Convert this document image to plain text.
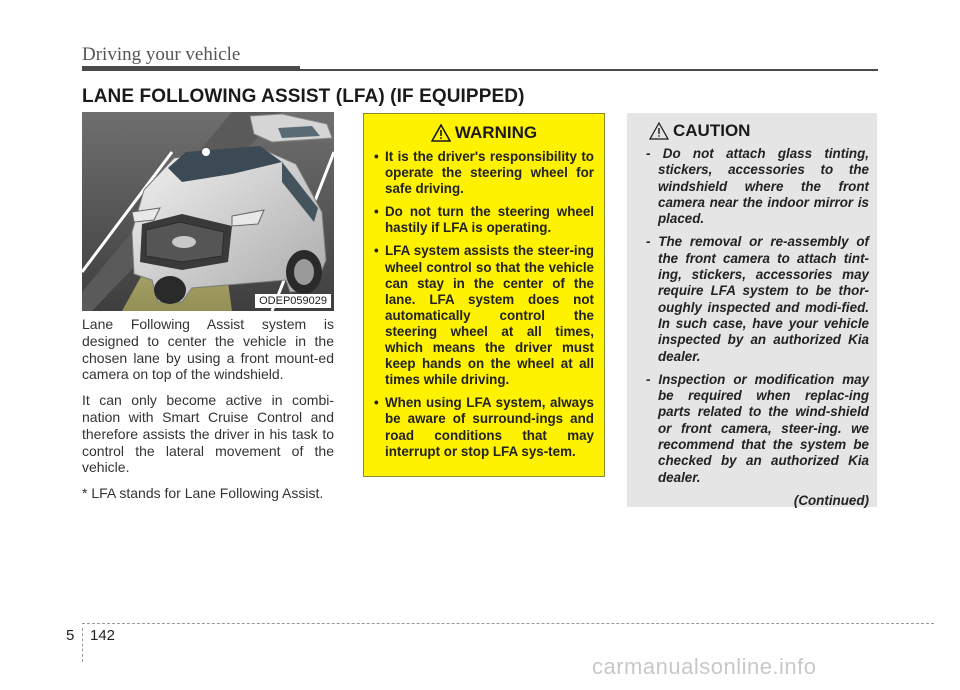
Driving your vehicle
LANE FOLLOWING ASSIST (LFA) (IF EQUIPPED)
ODEP059029

Lane Following Assist system is designed to center the vehicle in the chosen lane by using a front mount-ed camera on top of the windshield.

It can only become active in combi-nation with Smart Cruise Control and therefore assists the driver in his task to control the lateral movement of the vehicle.

* LFA stands for Lane Following Assist.

WARNING
• It is the driver's responsibility to operate the steering wheel for safe driving.
• Do not turn the steering wheel hastily if LFA is operating.
• LFA system assists the steer-ing wheel control so that the vehicle can stay in the center of the lane. LFA system does not automatically control the steering wheel at all times, which means the driver must keep hands on the wheel at all times while driving.
• When using LFA system, always be aware of surround-ings and road conditions that may interrupt or stop LFA sys-tem.
CAUTION
- Do not attach glass tinting, stickers, accessories to the windshield where the front camera near the indoor mirror is placed.
- The removal or re-assembly of the front camera to attach tint-ing, stickers, accessories may require LFA system to be thor-oughly inspected and modi-fied. In such case, have your vehicle inspected by an authorized Kia dealer.
- Inspection or modification may be required when replac-ing parts related to the wind-shield or front camera, steer-ing. we recommend that the system be checked by an authorized Kia dealer.
(Continued)
5 142
carmanualsonline.info
